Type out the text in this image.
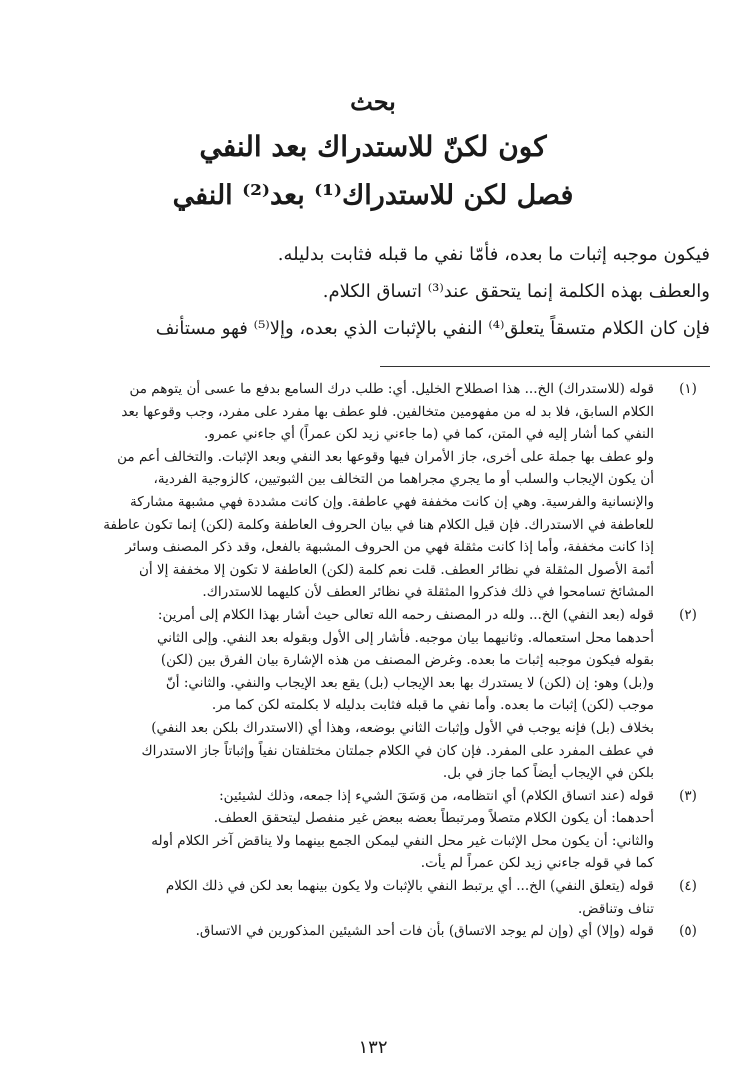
بحث
كون لكنّ للاستدراك بعد النفي
فصل لكن للاستدراك⁽¹⁾ بعد⁽²⁾ النفي
فيكون موجبه إثبات ما بعده، فأمّا نفي ما قبله فثابت بدليله.
والعطف بهذه الكلمة إنما يتحقق عند⁽³⁾ اتساق الكلام.
فإن كان الكلام متسقاً يتعلق⁽⁴⁾ النفي بالإثبات الذي بعده، وإلا⁽⁵⁾ فهو مستأنف
(١)
قوله (للاستدراك) الخ... هذا اصطلاح الخليل. أي: طلب درك السامع بدفع ما عسى أن يتوهم من
الكلام السابق، فلا بد له من مفهومين متخالفين. فلو عطف بها مفرد على مفرد، وجب وقوعها بعد
النفي كما أشار إليه في المتن، كما في (ما جاءني زيد لكن عمراً) أي جاءني عمرو.
ولو عطف بها جملة على أخرى، جاز الأمران فيها وقوعها بعد النفي وبعد الإثبات. والتخالف أعم من
أن يكون الإيجاب والسلب أو ما يجري مجراهما من التخالف بين الثبوتيين، كالزوجية الفردية،
والإنسانية والفرسية. وهي إن كانت مخففة فهي عاطفة. وإن كانت مشددة فهي مشبهة مشاركة
للعاطفة في الاستدراك. فإن قيل الكلام هنا في بيان الحروف العاطفة وكلمة (لكن) إنما تكون عاطفة
إذا كانت مخففة، وأما إذا كانت مثقلة فهي من الحروف المشبهة بالفعل، وقد ذكر المصنف وسائر
أئمة الأصول المثقلة في نظائر العطف. قلت نعم كلمة (لكن) العاطفة لا تكون إلا مخففة إلا أن
المشائخ تسامحوا في ذلك فذكروا المثقلة في نظائر العطف لأن كليهما للاستدراك.
(٢)
قوله (بعد النفي) الخ... ولله در المصنف رحمه الله تعالى حيث أشار بهذا الكلام إلى أمرين:
أحدهما محل استعماله. وثانيهما بيان موجبه. فأشار إلى الأول وبقوله بعد النفي. وإلى الثاني
بقوله فيكون موجبه إثبات ما بعده. وغرض المصنف من هذه الإشارة بيان الفرق بين (لكن)
و(بل) وهو: إن (لكن) لا يستدرك بها بعد الإيجاب (بل) يقع بعد الإيجاب والنفي. والثاني: أنّ
موجب (لكن) إثبات ما بعده. وأما نفي ما قبله فثابت بدليله لا بكلمته لكن كما مر.
بخلاف (بل) فإنه يوجب في الأول وإثبات الثاني بوضعه، وهذا أي (الاستدراك بلكن بعد النفي)
في عطف المفرد على المفرد. فإن كان في الكلام جملتان مختلفتان نفياً وإثباتاً جاز الاستدراك
بلكن في الإيجاب أيضاً كما جاز في بل.
(٣)
قوله (عند اتساق الكلام) أي انتظامه، من وَسَقَ الشيء إذا جمعه، وذلك لشيئين:
أحدهما: أن يكون الكلام متصلاً ومرتبطاً بعضه ببعض غير منفصل ليتحقق العطف.
والثاني: أن يكون محل الإثبات غير محل النفي ليمكن الجمع بينهما ولا يناقض آخر الكلام أوله
كما في قوله جاءني زيد لكن عمراً لم يأت.
(٤)
قوله (يتعلق النفي) الخ... أي يرتبط النفي بالإثبات ولا يكون بينهما بعد لكن في ذلك الكلام
تناف وتناقض.
(٥)
قوله (وإلا) أي (وإن لم يوجد الاتساق) بأن فات أحد الشيئين المذكورين في الاتساق.
١٣٢
